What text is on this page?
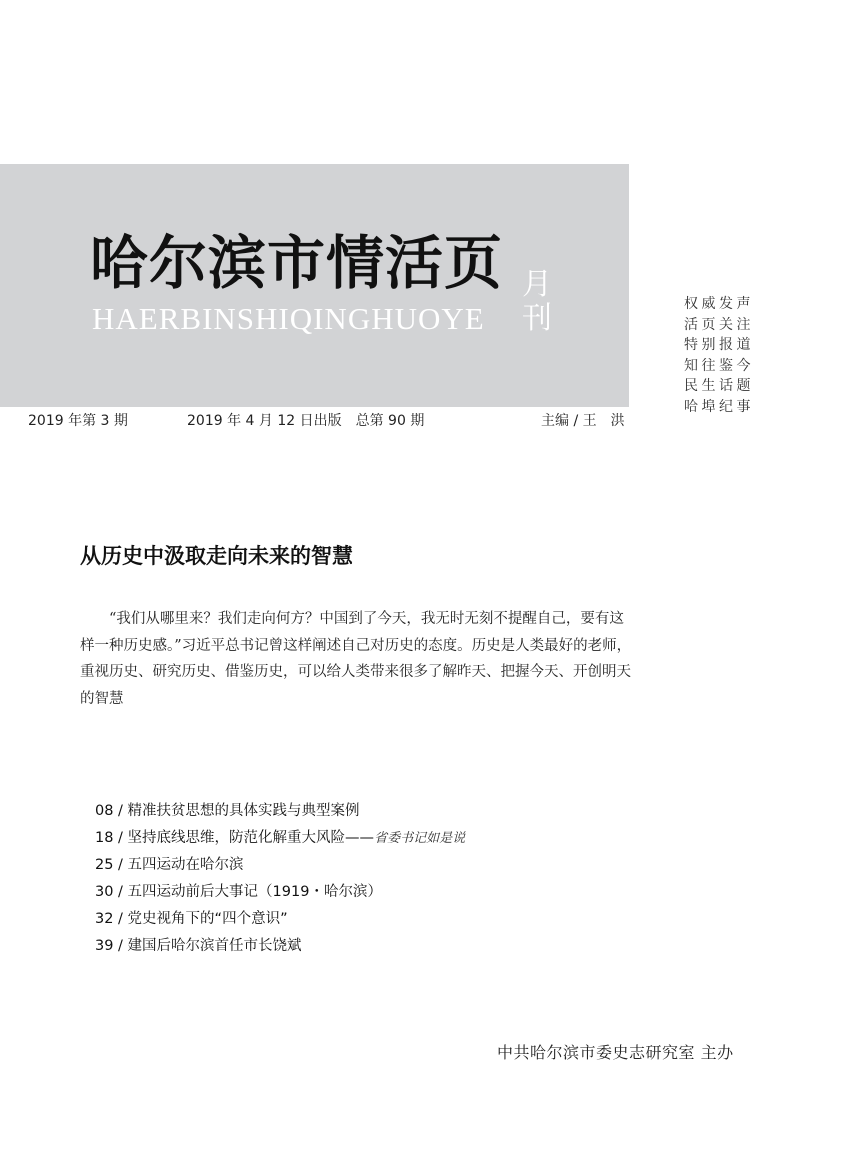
哈尔滨市情活页
HAERBINSHIQINGHUOYE
月
刊	权威发声
活页关注
特别报道
知往鉴今
民生话题
哈埠纪事
2019 年第 3 期	2019 年 4 月 12 日出版　总第 90 期	主编 / 王　洪
从历史中汲取走向未来的智慧

“我们从哪里来？我们走向何方？中国到了今天，我无时无刻不提醒自己，要有这样一种历史感。”习近平总书记曾这样阐述自己对历史的态度。历史是人类最好的老师，重视历史、研究历史、借鉴历史，可以给人类带来很多了解昨天、把握今天、开创明天的智慧

08 / 精准扶贫思想的具体实践与典型案例
18 / 坚持底线思维，防范化解重大风险——省委书记如是说
25 / 五四运动在哈尔滨
30 / 五四运动前后大事记（1919・哈尔滨）
32 / 党史视角下的“四个意识”
39 / 建国后哈尔滨首任市长饶斌
中共哈尔滨市委史志研究室 主办
